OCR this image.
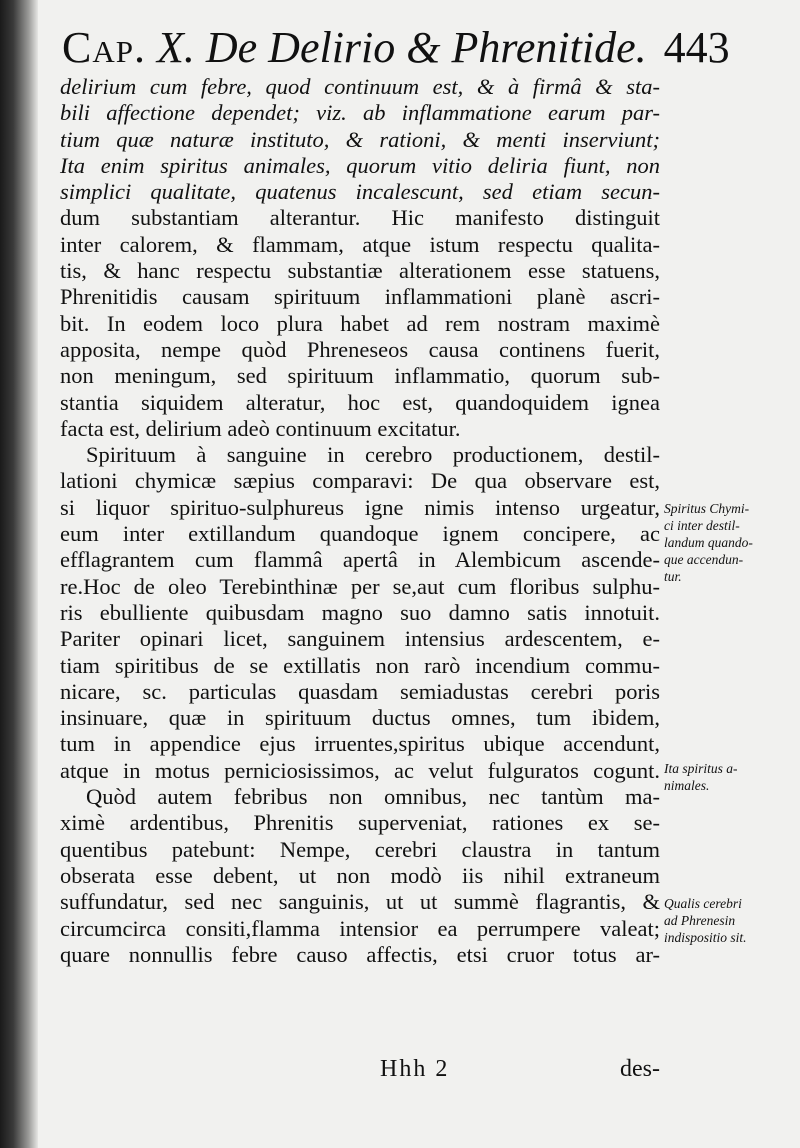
Cap. X. De Delirio & Phrenitide. 443
delirium cum febre, quod continuum est, & à firmâ & sta-
bili affectione dependet; viz. ab inflammatione earum par-
tium quæ naturæ instituto, & rationi, & menti inserviunt;
Ita enim spiritus animales, quorum vitio deliria fiunt, non
simplici qualitate, quatenus incalescunt, sed etiam secun-
dum substantiam alterantur. Hic manifesto distinguit
inter calorem, & flammam, atque istum respectu qualita-
tis, & hanc respectu substantiæ alterationem esse statuens,
Phrenitidis causam spirituum inflammationi planè ascri-
bit. In eodem loco plura habet ad rem nostram maximè
apposita, nempe quòd Phreneseos causa continens fuerit,
non meningum, sed spirituum inflammatio, quorum sub-
stantia siquidem alteratur, hoc est, quandoquidem ignea
facta est, delirium adeò continuum excitatur.
Spirituum à sanguine in cerebro productionem, destil-
lationi chymicæ sæpius comparavi: De qua observare est,
si liquor spirituo-sulphureus igne nimis intenso urgeatur,
eum inter extillandum quandoque ignem concipere, ac
efflagrantem cum flammâ apertâ in Alembicum ascende-
re.Hoc de oleo Terebinthinæ per se,aut cum floribus sulphu-
ris ebulliente quibusdam magno suo damno satis innotuit.
Pariter opinari licet, sanguinem intensius ardescentem, e-
tiam spiritibus de se extillatis non rarò incendium commu-
nicare, sc. particulas quasdam semiadustas cerebri poris
insinuare, quæ in spirituum ductus omnes, tum ibidem,
tum in appendice ejus irruentes,spiritus ubique accendunt,
atque in motus perniciosissimos, ac velut fulguratos cogunt.
Quòd autem febribus non omnibus, nec tantùm ma-
ximè ardentibus, Phrenitis superveniat, rationes ex se-
quentibus patebunt: Nempe, cerebri claustra in tantum
obserata esse debent, ut non modò iis nihil extraneum
suffundatur, sed nec sanguinis, ut ut summè flagrantis, &
circumcirca consiti,flamma intensior ea perrumpere valeat;
quare nonnullis febre causo affectis, etsi cruor totus ar-
Spiritus Chymi-
ci inter destil-
landum quando-
que accendun-
tur.
Ita spiritus a-
nimales.
Qualis cerebri
ad Phrenesin
indispositio sit.
Hhh 2	des-
